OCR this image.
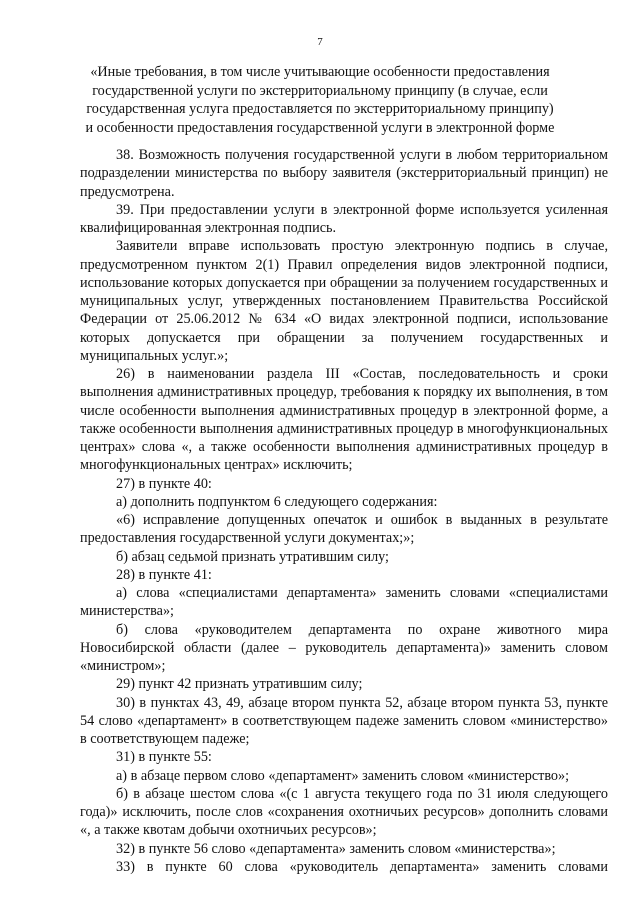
7
«Иные требования, в том числе учитывающие особенности предоставления государственной услуги по экстерриториальному принципу (в случае, если государственная услуга предоставляется по экстерриториальному принципу) и особенности предоставления государственной услуги в электронной форме

38. Возможность получения государственной услуги в любом территориальном подразделении министерства по выбору заявителя (экстерриториальный принцип) не предусмотрена.

39. При предоставлении услуги в электронной форме используется усиленная квалифицированная электронная подпись.

Заявители вправе использовать простую электронную подпись в случае, предусмотренном пунктом 2(1) Правил определения видов электронной подписи, использование которых допускается при обращении за получением государственных и муниципальных услуг, утвержденных постановлением Правительства Российской Федерации от 25.06.2012 № 634 «О видах электронной подписи, использование которых допускается при обращении за получением государственных и муниципальных услуг.»;

26) в наименовании раздела III «Состав, последовательность и сроки выполнения административных процедур, требования к порядку их выполнения, в том числе особенности выполнения административных процедур в электронной форме, а также особенности выполнения административных процедур в многофункциональных центрах» слова «, а также особенности выполнения административных процедур в многофункциональных центрах» исключить;

27) в пункте 40:

а) дополнить подпунктом 6 следующего содержания:

«6) исправление допущенных опечаток и ошибок в выданных в результате предоставления государственной услуги документах;»;

б) абзац седьмой признать утратившим силу;

28) в пункте 41:

а) слова «специалистами департамента» заменить словами «специалистами министерства»;

б) слова «руководителем департамента по охране животного мира Новосибирской области (далее – руководитель департамента)» заменить словом «министром»;

29) пункт 42 признать утратившим силу;

30) в пунктах 43, 49, абзаце втором пункта 52, абзаце втором пункта 53, пункте 54 слово «департамент» в соответствующем падеже заменить словом «министерство» в соответствующем падеже;

31) в пункте 55:

а) в абзаце первом слово «департамент» заменить словом «министерство»;

б) в абзаце шестом слова «(с 1 августа текущего года по 31 июля следующего года)» исключить, после слов «сохранения охотничьих ресурсов» дополнить словами «, а также квотам добычи охотничьих ресурсов»;

32) в пункте 56 слово «департамента» заменить словом «министерства»;

33) в пункте 60 слова «руководитель департамента» заменить словами
